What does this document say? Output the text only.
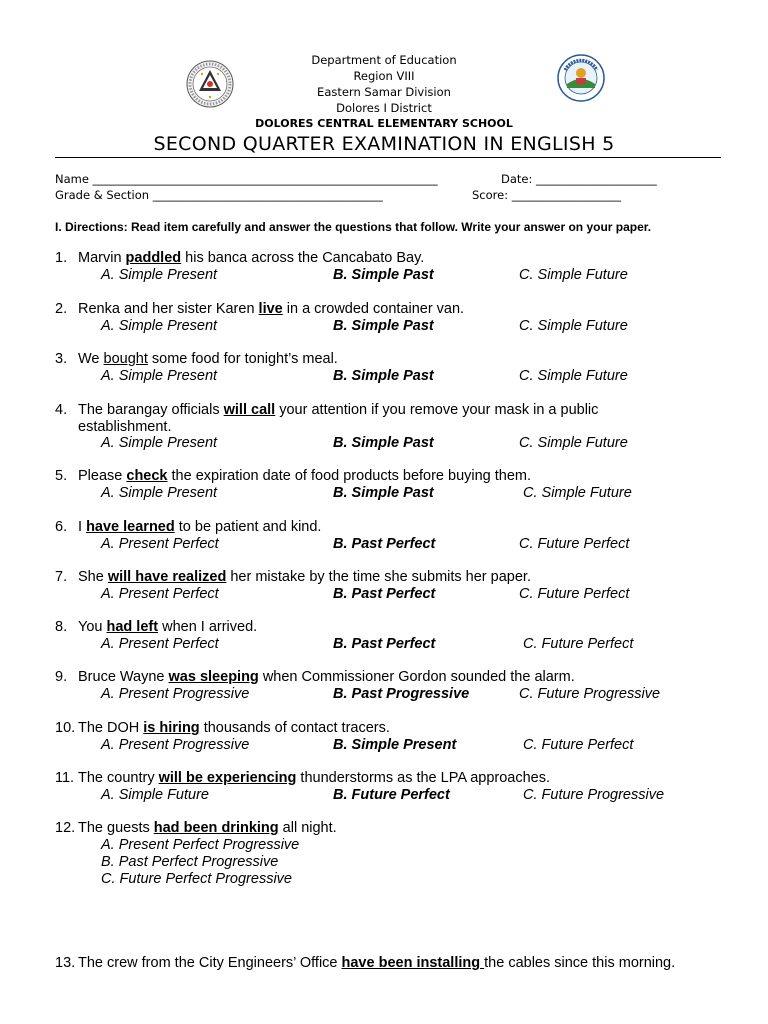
Department of Education
Region VIII
Eastern Samar Division
Dolores I District
DOLORES CENTRAL ELEMENTARY SCHOOL
SECOND QUARTER EXAMINATION IN ENGLISH 5
Name ____________________________________________________________	Date: _____________________
Grade & Section ________________________________________	Score: ___________________

I. Directions: Read item carefully and answer the questions that follow. Write your answer on your paper.

1. Marvin paddled his banca across the Cancabato Bay.
A. Simple Present	B. Simple Past	C. Simple Future
2. Renka and her sister Karen live in a crowded container van.
A. Simple Present	B. Simple Past	C. Simple Future
3. We bought some food for tonight’s meal.
A. Simple Present	B. Simple Past	C. Simple Future
4. The barangay officials will call your attention if you remove your mask in a public
establishment.
A. Simple Present	B. Simple Past	C. Simple Future
5. Please check the expiration date of food products before buying them.
A. Simple Present	B. Simple Past	C. Simple Future
6. I have learned to be patient and kind.
A. Present Perfect	B. Past Perfect	C. Future Perfect
7. She will have realized her mistake by the time she submits her paper.
A. Present Perfect	B. Past Perfect	C. Future Perfect
8. You had left when I arrived.
A. Present Perfect	B. Past Perfect	C. Future Perfect
9. Bruce Wayne was sleeping when Commissioner Gordon sounded the alarm.
A. Present Progressive	B. Past Progressive	C. Future Progressive
10. The DOH is hiring thousands of contact tracers.
A. Present Progressive	B. Simple Present	C. Future Perfect
11. The country will be experiencing thunderstorms as the LPA approaches.
A. Simple Future	B. Future Perfect	C. Future Progressive
12. The guests had been drinking all night.
A. Present Perfect Progressive
B. Past Perfect Progressive
C. Future Perfect Progressive
13. The crew from the City Engineers’ Office have been installing the cables since this morning.
